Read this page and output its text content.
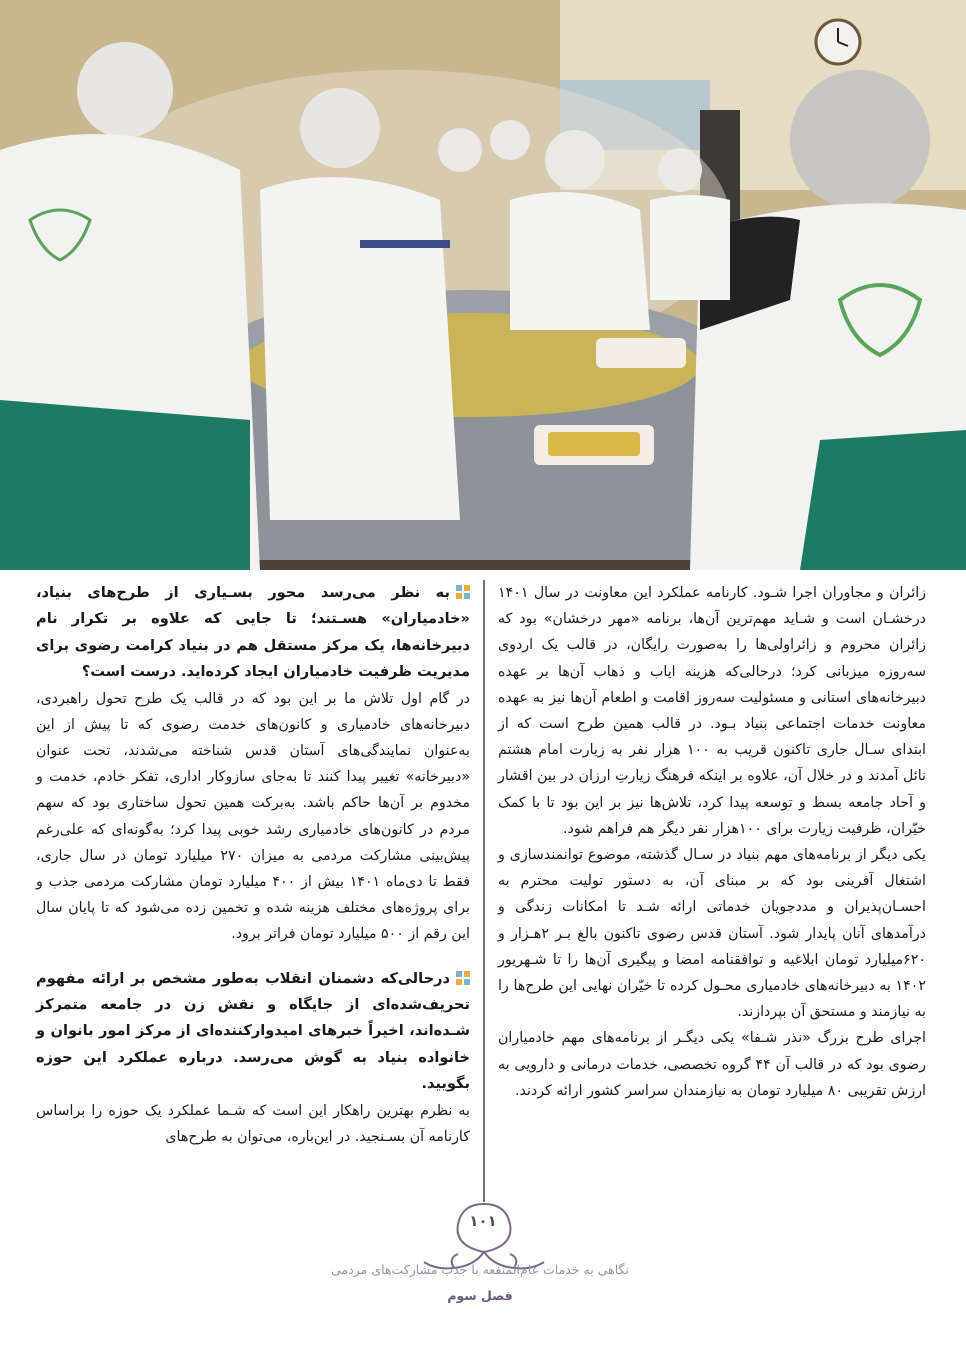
زائران و مجاوران اجرا شـود. کارنامه عملکرد این معاونت در سال ۱۴۰۱ درخشـان است و شـاید مهم‌ترین آن‌ها، برنامه «مهر درخشان» بود که زائران محروم و زائراولی‌ها را به‌صورت رایگان، در قالب یک اردوی سه‌روزه میزبانی کرد؛ درحالی‌که هزینه ایاب و ذهاب آن‌ها بر عهده دبیرخانه‌های استانی و مسئولیت سه‌روز اقامت و اطعام آن‌ها نیز به عهده معاونت خدمات اجتماعی بنیاد بـود. در قالب همین طرح است که از ابتدای سـال جاری تاکنون قریب به ۱۰۰ هزار نفر به زیارت امام هشتم نائل آمدند و در خلال آن، علاوه بر اینکه فرهنگ زیارتِ ارزان در بین اقشار و آحاد جامعه بسط و توسعه پیدا کرد، تلاش‌ها نیز بر این بود تا با کمک خیّران، ظرفیت زیارت برای ۱۰۰هزار نفر دیگر هم فراهم شود.

یکی دیگر از برنامه‌های مهم بنیاد در سـال گذشته، موضوع توانمندسازی و اشتغال آفرینی بود که بر مبنای آن، به دستور تولیت محترم به احسـان‌پذیران و مددجویان خدماتی ارائه شـد تا امکانات زندگی و درآمدهای آنان پایدار شود. آستان قدس رضوی تاکنون بالغ بـر ۲هـزار و ۶۲۰میلیارد تومان ابلاغیه و توافقنامه امضا و پیگیری آن‌ها را تا شـهریور ۱۴۰۲ به دبیرخانه‌های خادمیاری محـول کرده تا خیّران نهایی این طرح‌ها را به نیازمند و مستحق آن بپردازند.

اجرای طرح بزرگ «نذر شـفا» یکی دیگـر از برنامه‌های مهم خادمیاران رضوی بود که در قالب آن ۴۴ گروه تخصصی، خدمات درمانی و دارویی به ارزش تقریبی ۸۰ میلیارد تومان به نیازمندان سراسر کشور ارائه کردند.

به نظر می‌رسد محور بسـیاری از طرح‌های بنیاد، «خادمیاران» هسـتند؛ تا جایی که علاوه بر تکرار نام دبیرخانه‌ها، یک مرکز مستقل هم در بنیاد کرامت رضوی برای مدیریت ظرفیت خادمیاران ایجاد کرده‌اید. درست است؟

در گام اول تلاش ما بر این بود که در قالب یک طرح تحول راهبردی، دبیرخانه‌های خادمیاری و کانون‌های خدمت رضوی که تا پیش از این به‌عنوان نمایندگی‌های آستان قدس شناخته می‌شدند، تحت عنوان «دبیرخانه» تغییر پیدا کنند تا به‌جای سازوکار اداری، تفکر خادم، خدمت و مخدوم بر آن‌ها حاکم باشد. به‌برکت همین تحول ساختاری بود که سهم مردم در کانون‌های خادمیاری رشد خوبی پیدا کرد؛ به‌گونه‌ای که علی‌رغم پیش‌بینی مشارکت مردمی به میزان ۲۷۰ میلیارد تومان در سال جاری، فقط تا دی‌ماه ۱۴۰۱ بیش از ۴۰۰ میلیارد تومان مشارکت مردمی جذب و برای پروژه‌های مختلف هزینه شده و تخمین زده می‌شود که تا پایان سال این رقم از ۵۰۰ میلیارد تومان فراتر برود.

درحالی‌که دشمنان انقلاب به‌طور مشخص بر ارائه مفهوم تحریف‌شده‌ای از جایگاه و نقش زن در جامعه متمرکز شـده‌اند، اخیراً خبرهای امیدوارکننده‌ای از مرکز امور بانوان و خانواده بنیاد به گوش می‌رسد. درباره عملکرد این حوزه بگویید.

به نظرم بهترین راهکار این است که شـما عملکرد یک حوزه را براساس کارنامه آن بسـنجید. در این‌باره، می‌توان به طرح‌های

۱۰۱
نگاهی به خدمات عام‌المنفعه با جذب مشارکت‌های مردمی
فصل سوم
